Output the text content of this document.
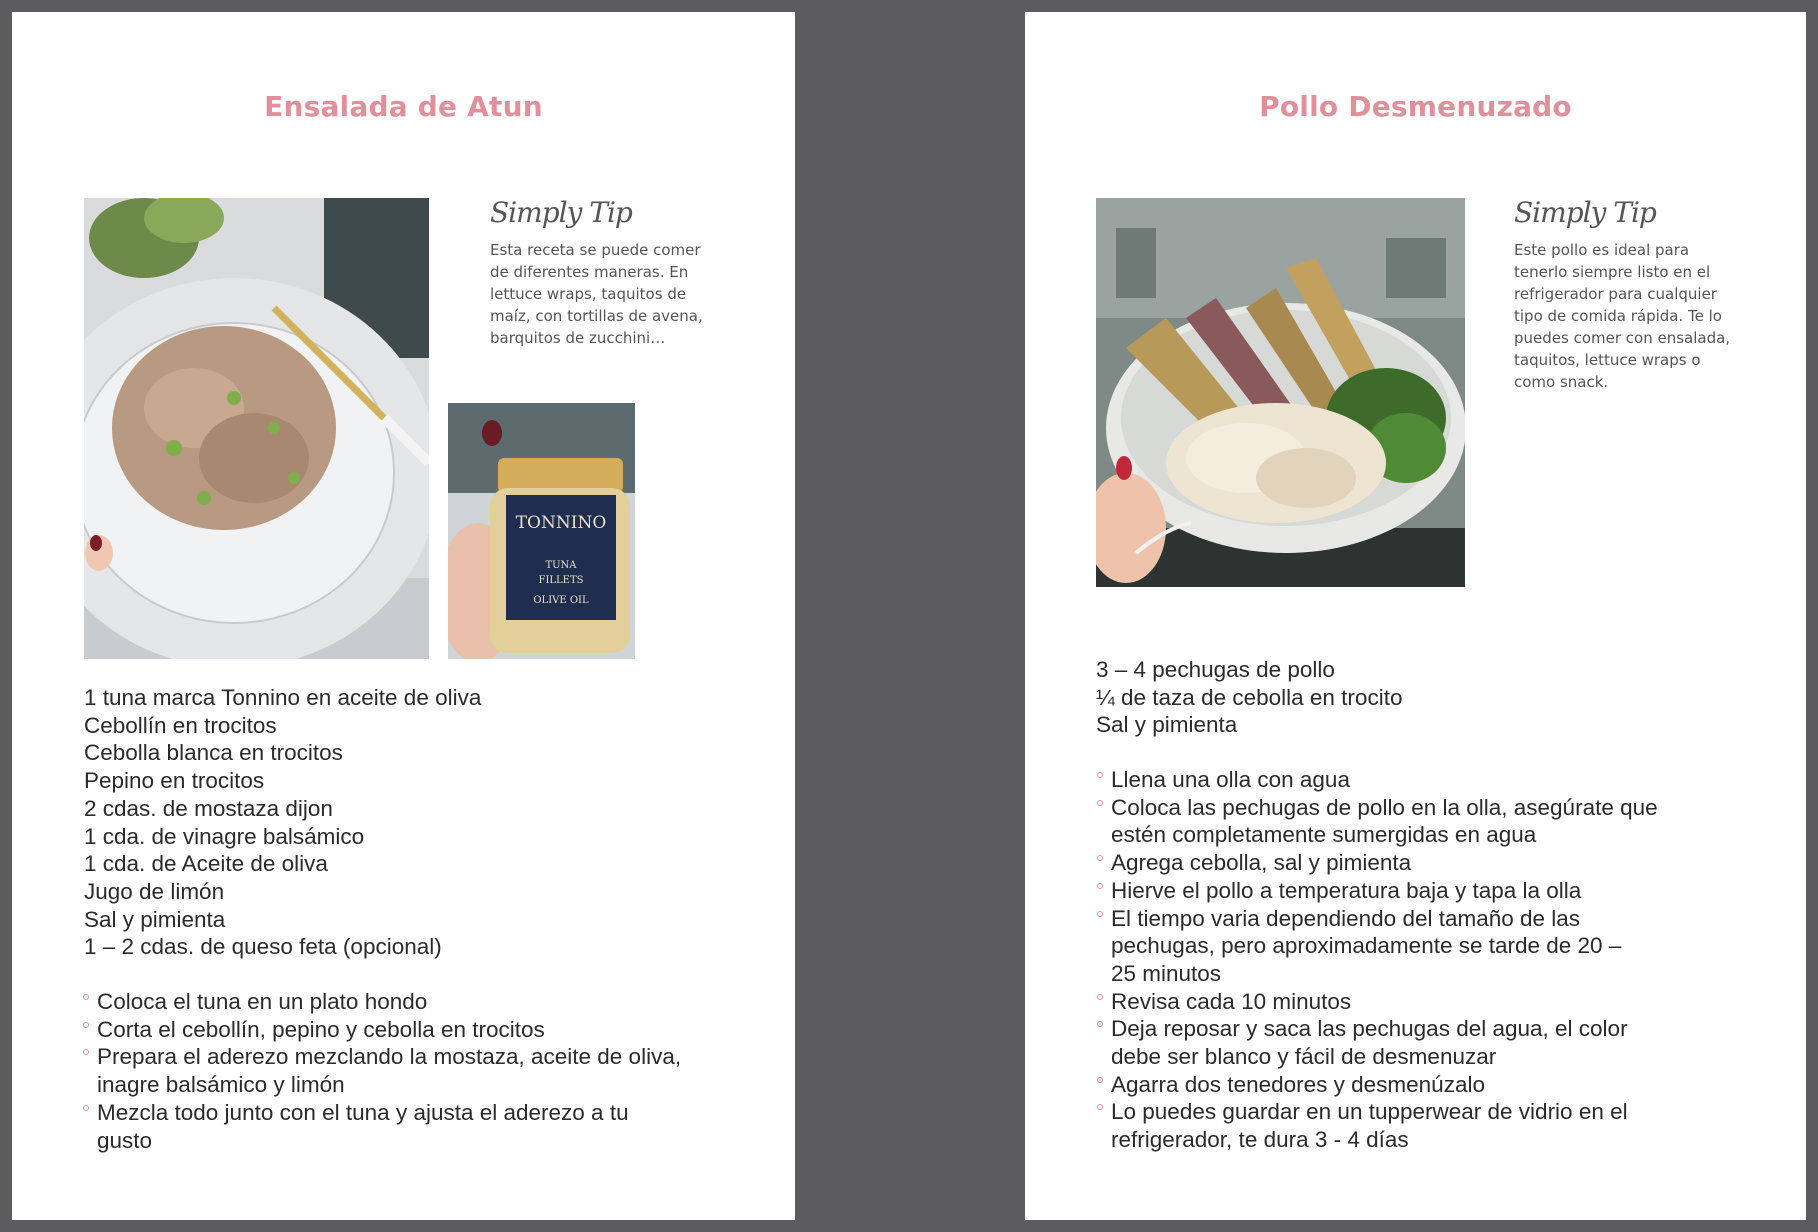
Ensalada de Atun
TONNINO
TUNA
FILLETS
OLIVE OIL
Simply Tip
Esta receta se puede comer de diferentes maneras. En lettuce wraps, taquitos de maíz, con tortillas de avena, barquitos de zucchini…
1 tuna marca Tonnino en aceite de oliva
Cebollín en trocitos
Cebolla blanca en trocitos
Pepino en trocitos
2 cdas. de mostaza dijon
1 cda. de vinagre balsámico
1 cda. de Aceite de oliva
Jugo de limón
Sal y pimienta
1 – 2 cdas. de queso feta (opcional)
Coloca el tuna en un plato hondo
Corta el cebollín, pepino y cebolla en trocitos
Prepara el aderezo mezclando la mostaza, aceite de oliva, inagre balsámico y limón
Mezcla todo junto con el tuna y ajusta el aderezo a tu gusto
Pollo Desmenuzado
Simply Tip
Este pollo es ideal para tenerlo siempre listo en el refrigerador para cualquier tipo de comida rápida. Te lo puedes comer con ensalada, taquitos, lettuce wraps o como snack.
3 – 4 pechugas de pollo
¼ de taza de cebolla en trocito
Sal y pimienta
Llena una olla con agua
Coloca las pechugas de pollo en la olla, asegúrate que estén completamente sumergidas en agua
Agrega cebolla, sal y pimienta
Hierve el pollo a temperatura baja y tapa la olla
El tiempo varia dependiendo del tamaño de las pechugas, pero aproximadamente se tarde de 20 – 25 minutos
Revisa cada 10 minutos
Deja reposar y saca las pechugas del agua, el color debe ser blanco y fácil de desmenuzar
Agarra dos tenedores y desmenúzalo
Lo puedes guardar en un tupperwear de vidrio en el refrigerador, te dura 3 - 4 días
